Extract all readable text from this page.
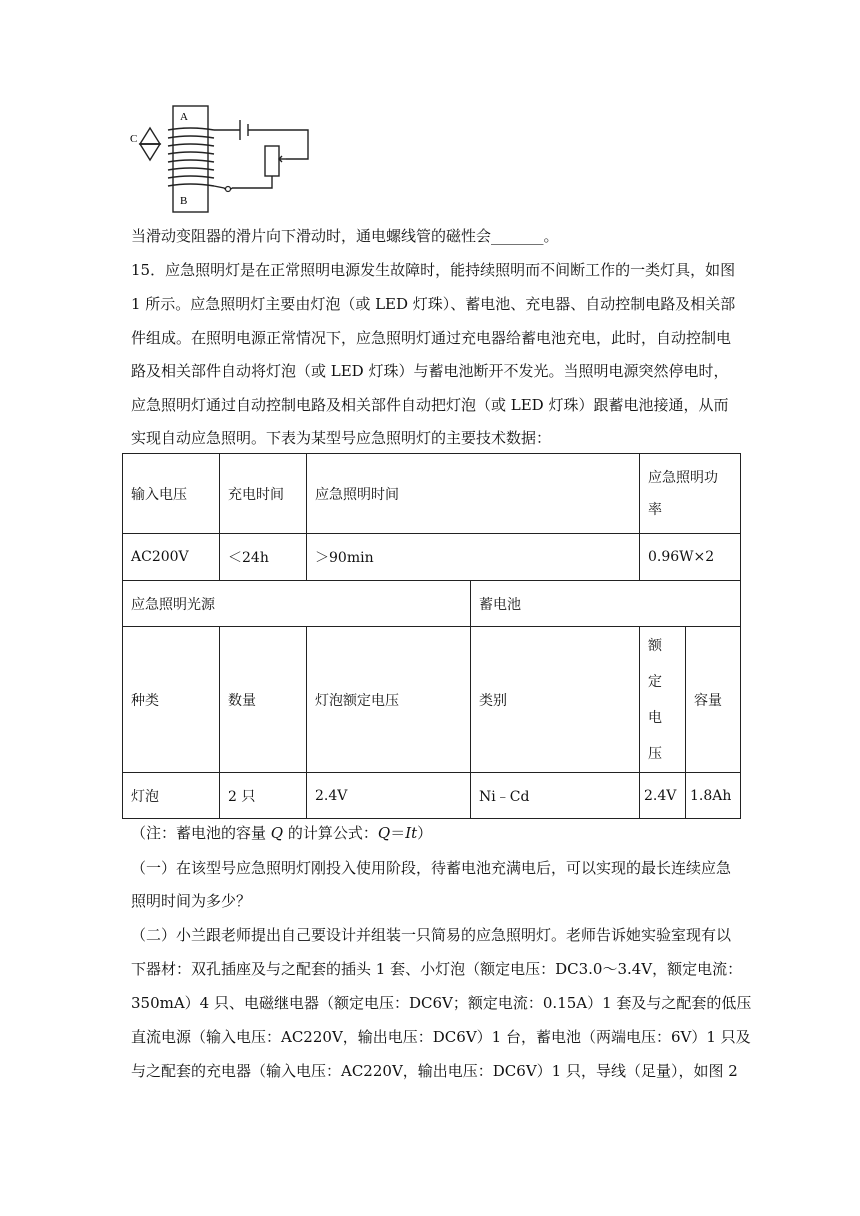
A
B
C
当滑动变阻器的滑片向下滑动时，通电螺线管的磁性会_______。
15．应急照明灯是在正常照明电源发生故障时，能持续照明而不间断工作的一类灯具，如图
1 所示。应急照明灯主要由灯泡（或 LED 灯珠）、蓄电池、充电器、自动控制电路及相关部
件组成。在照明电源正常情况下，应急照明灯通过充电器给蓄电池充电，此时，自动控制电
路及相关部件自动将灯泡（或 LED 灯珠）与蓄电池断开不发光。当照明电源突然停电时，
应急照明灯通过自动控制电路及相关部件自动把灯泡（或 LED 灯珠）跟蓄电池接通，从而
实现自动应急照明。下表为某型号应急照明灯的主要技术数据：
输入电压	充电时间	应急照明时间		应急照明功
率	
AC200V	＜24h	＞90min		0.96W×2	
应急照明光源			蓄电池		
种类	数量	灯泡额定电压	类别	额
定
电
压	容量
灯泡	2 只	2.4V	Ni﹣Cd	2.4V	1.8Ah
（注：蓄电池的容量 Q 的计算公式：Q＝It）
（一）在该型号应急照明灯刚投入使用阶段，待蓄电池充满电后，可以实现的最长连续应急
照明时间为多少？
（二）小兰跟老师提出自己要设计并组装一只简易的应急照明灯。老师告诉她实验室现有以
下器材：双孔插座及与之配套的插头 1 套、小灯泡（额定电压：DC3.0～3.4V，额定电流：
350mA）4 只、电磁继电器（额定电压：DC6V；额定电流：0.15A）1 套及与之配套的低压
直流电源（输入电压：AC220V，输出电压：DC6V）1 台，蓄电池（两端电压：6V）1 只及
与之配套的充电器（输入电压：AC220V，输出电压：DC6V）1 只，导线（足量），如图 2
